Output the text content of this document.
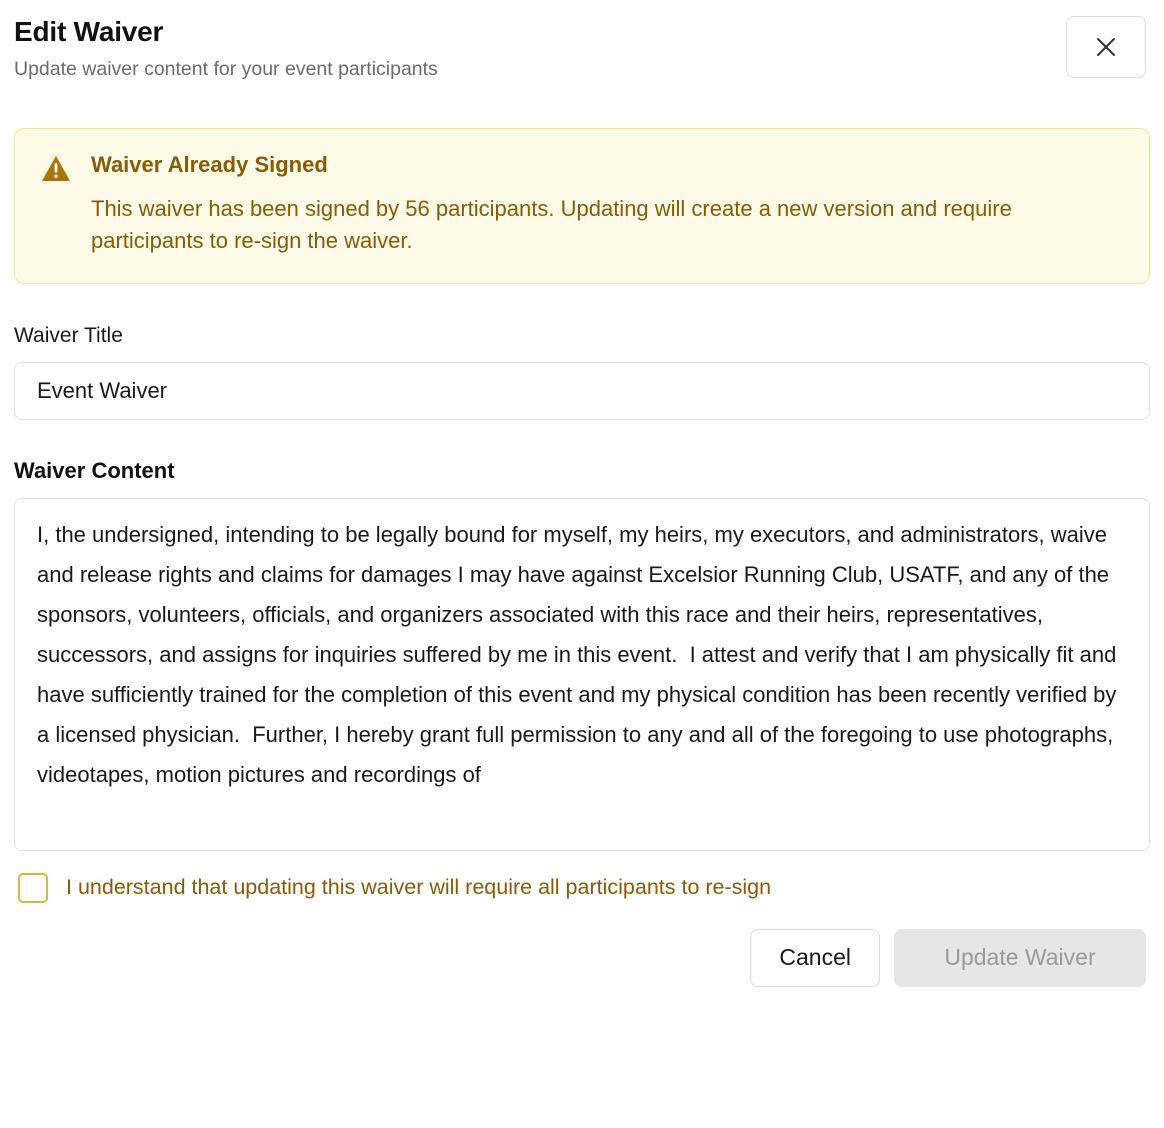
Edit Waiver
Update waiver content for your event participants
Waiver Already Signed
This waiver has been signed by 56 participants. Updating will create a new version and require participants to re-sign the waiver.
Waiver Title
Event Waiver
Waiver Content

I, the undersigned, intending to be legally bound for myself, my heirs, my executors, and administrators, waive and release rights and claims for damages I may have against Excelsior Running Club, USATF, and any of the sponsors, volunteers, officials, and organizers associated with this race and their heirs, representatives, successors, and assigns for inquiries suffered by me in this event.  I attest and verify that I am physically fit and have sufficiently trained for the completion of this event and my physical condition has been recently verified by a licensed physician.  Further, I hereby grant full permission to any and all of the foregoing to use photographs, videotapes, motion pictures and recordings of

I understand that updating this waiver will require all participants to re-sign
Cancel	Update Waiver
